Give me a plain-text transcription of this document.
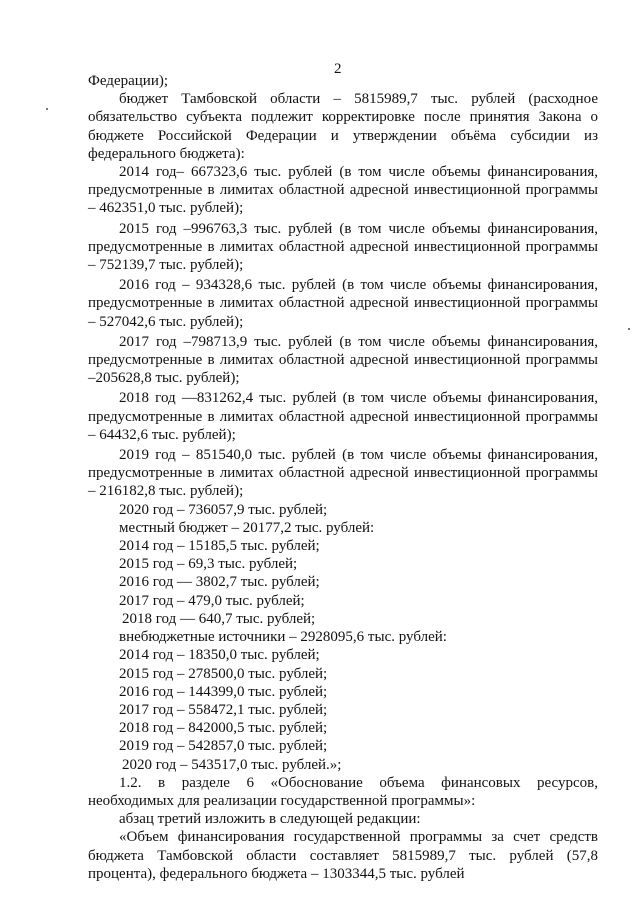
2

Федерации);

бюджет Тамбовской области – 5815989,7 тыс. рублей (расходное обязательство субъекта подлежит корректировке после принятия Закона о бюджете Российской Федерации и утверждении объёма субсидии из федерального бюджета):

2014 год– 667323,6 тыс. рублей (в том числе объемы финансирования, предусмотренные в лимитах областной адресной инвестиционной программы – 462351,0 тыс. рублей);

2015 год –996763,3 тыс. рублей (в том числе объемы финансирования, предусмотренные в лимитах областной адресной инвестиционной программы – 752139,7 тыс. рублей);

2016 год – 934328,6 тыс. рублей (в том числе объемы финансирования, предусмотренные в лимитах областной адресной инвестиционной программы – 527042,6 тыс. рублей);

2017 год –798713,9 тыс. рублей (в том числе объемы финансирования, предусмотренные в лимитах областной адресной инвестиционной программы –205628,8 тыс. рублей);

2018 год —831262,4 тыс. рублей (в том числе объемы финансирования, предусмотренные в лимитах областной адресной инвестиционной программы – 64432,6 тыс. рублей);

2019 год – 851540,0 тыс. рублей (в том числе объемы финансирования, предусмотренные в лимитах областной адресной инвестиционной программы – 216182,8 тыс. рублей);

2020 год – 736057,9 тыс. рублей;

местный бюджет – 20177,2 тыс. рублей:

2014 год – 15185,5 тыс. рублей;

2015 год – 69,3 тыс. рублей;

2016 год — 3802,7 тыс. рублей;

2017 год – 479,0 тыс. рублей;

2018 год — 640,7 тыс. рублей;

внебюджетные источники – 2928095,6 тыс. рублей:

2014 год – 18350,0 тыс. рублей;

2015 год – 278500,0 тыс. рублей;

2016 год – 144399,0 тыс. рублей;

2017 год – 558472,1 тыс. рублей;

2018 год – 842000,5 тыс. рублей;

2019 год – 542857,0 тыс. рублей;

2020 год – 543517,0 тыс. рублей.»;

1.2. в разделе 6 «Обоснование объема финансовых ресурсов, необходимых для реализации государственной программы»:

абзац третий изложить в следующей редакции:

«Объем финансирования государственной программы за счет средств бюджета Тамбовской области составляет 5815989,7 тыс. рублей (57,8 процента), федерального бюджета – 1303344,5 тыс. рублей
